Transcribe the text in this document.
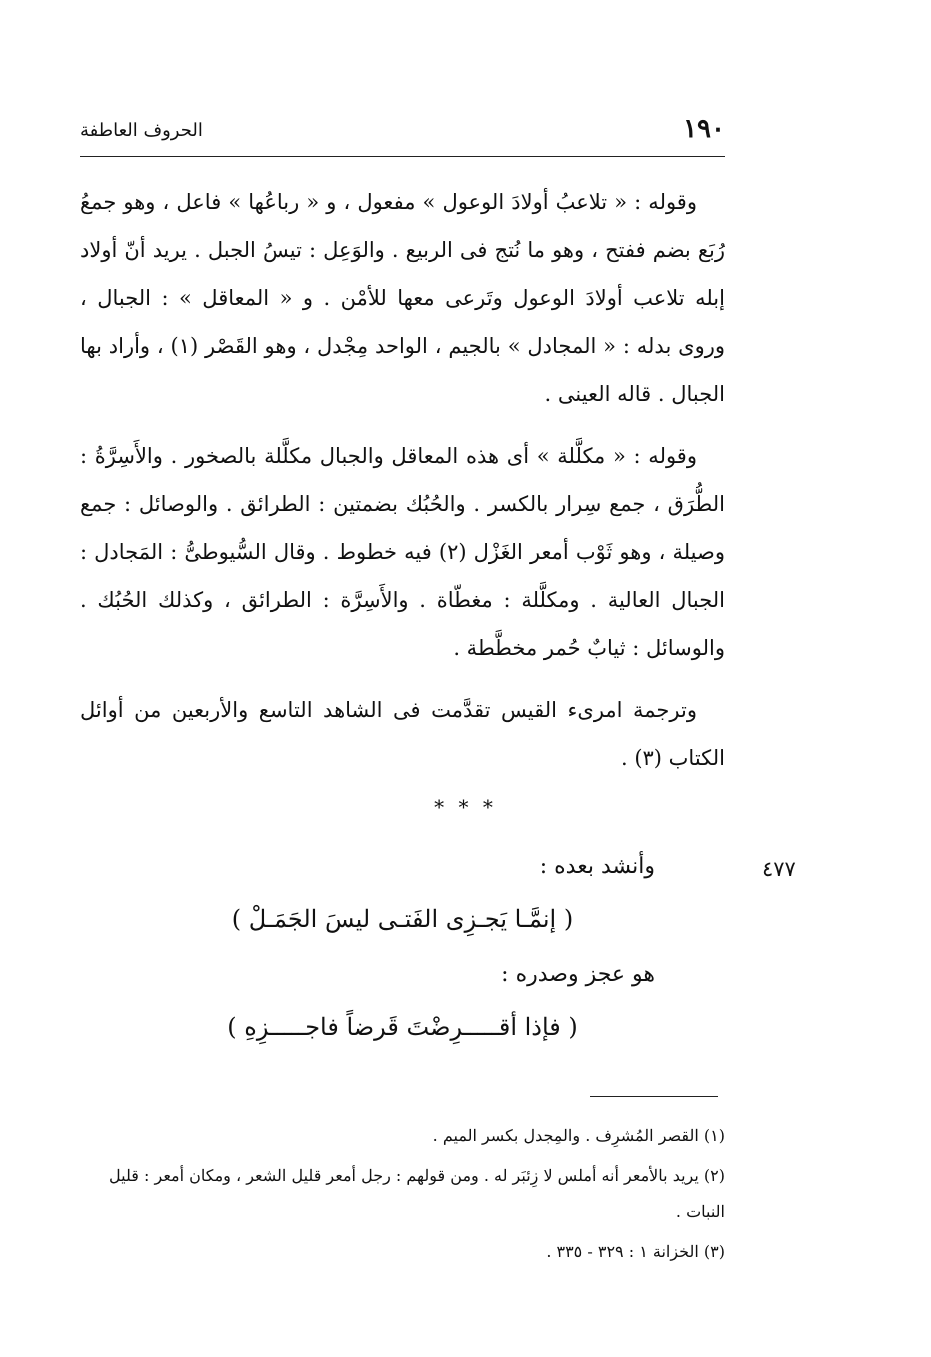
١٩٠
الحروف العاطفة

وقوله : « تلاعبُ أولادَ الوعول » مفعول ، و « رباعُها » فاعل ، وهو جمعُ رُبَع بضم ففتح ، وهو ما نُتج فى الربيع . والوَعِل : تيسُ الجبل . يريد أنّ أولاد إبله تلاعب أولادَ الوعول وتَرعى معها للأمْن . و « المعاقل » : الجبال ، وروى بدله : « المجادل » بالجيم ، الواحد مِجْدل ، وهو القَصْر (١) ، وأراد بها الجبال . قاله العينى .

وقوله : « مكلَّلة » أى هذه المعاقل والجبال مكلَّلة بالصخور . والأَسِرَّةُ : الطُّرَق ، جمع سِرار بالكسر . والحُبُك بضمتين : الطرائق . والوصائل : جمع وصيلة ، وهو ثَوْب أمعر الغَزْل (٢) فيه خطوط . وقال السُّيوطىُّ : المَجادل : الجبال العالية . ومكلَّلة : مغطّاة . والأَسِرَّة : الطرائق ، وكذلك الحُبُك . والوسائل : ثيابٌ حُمر مخطَّطة .

وترجمة امرىء القيس تقدَّمت فى الشاهد التاسع والأربعين من أوائل الكتاب (٣) .

* * *
٤٧٧
وأنشد بعده :
( إنمَّـا يَجـزِى الفَتـى ليسَ الجَمَـلْ )
هو عجز وصدره :
( فإذا أقـــــرِضْتَ قَرضاً فاجـــــزِهِ )

(١) القصر المُشرِف . والمِجدل بكسر الميم .

(٢) يريد بالأمعر أنه أملس لا زِئبَر له . ومن قولهم : رجل أمعر قليل الشعر ، ومكان أمعر : قليل النبات .

(٣) الخزانة ١ : ٣٢٩ - ٣٣٥ .
